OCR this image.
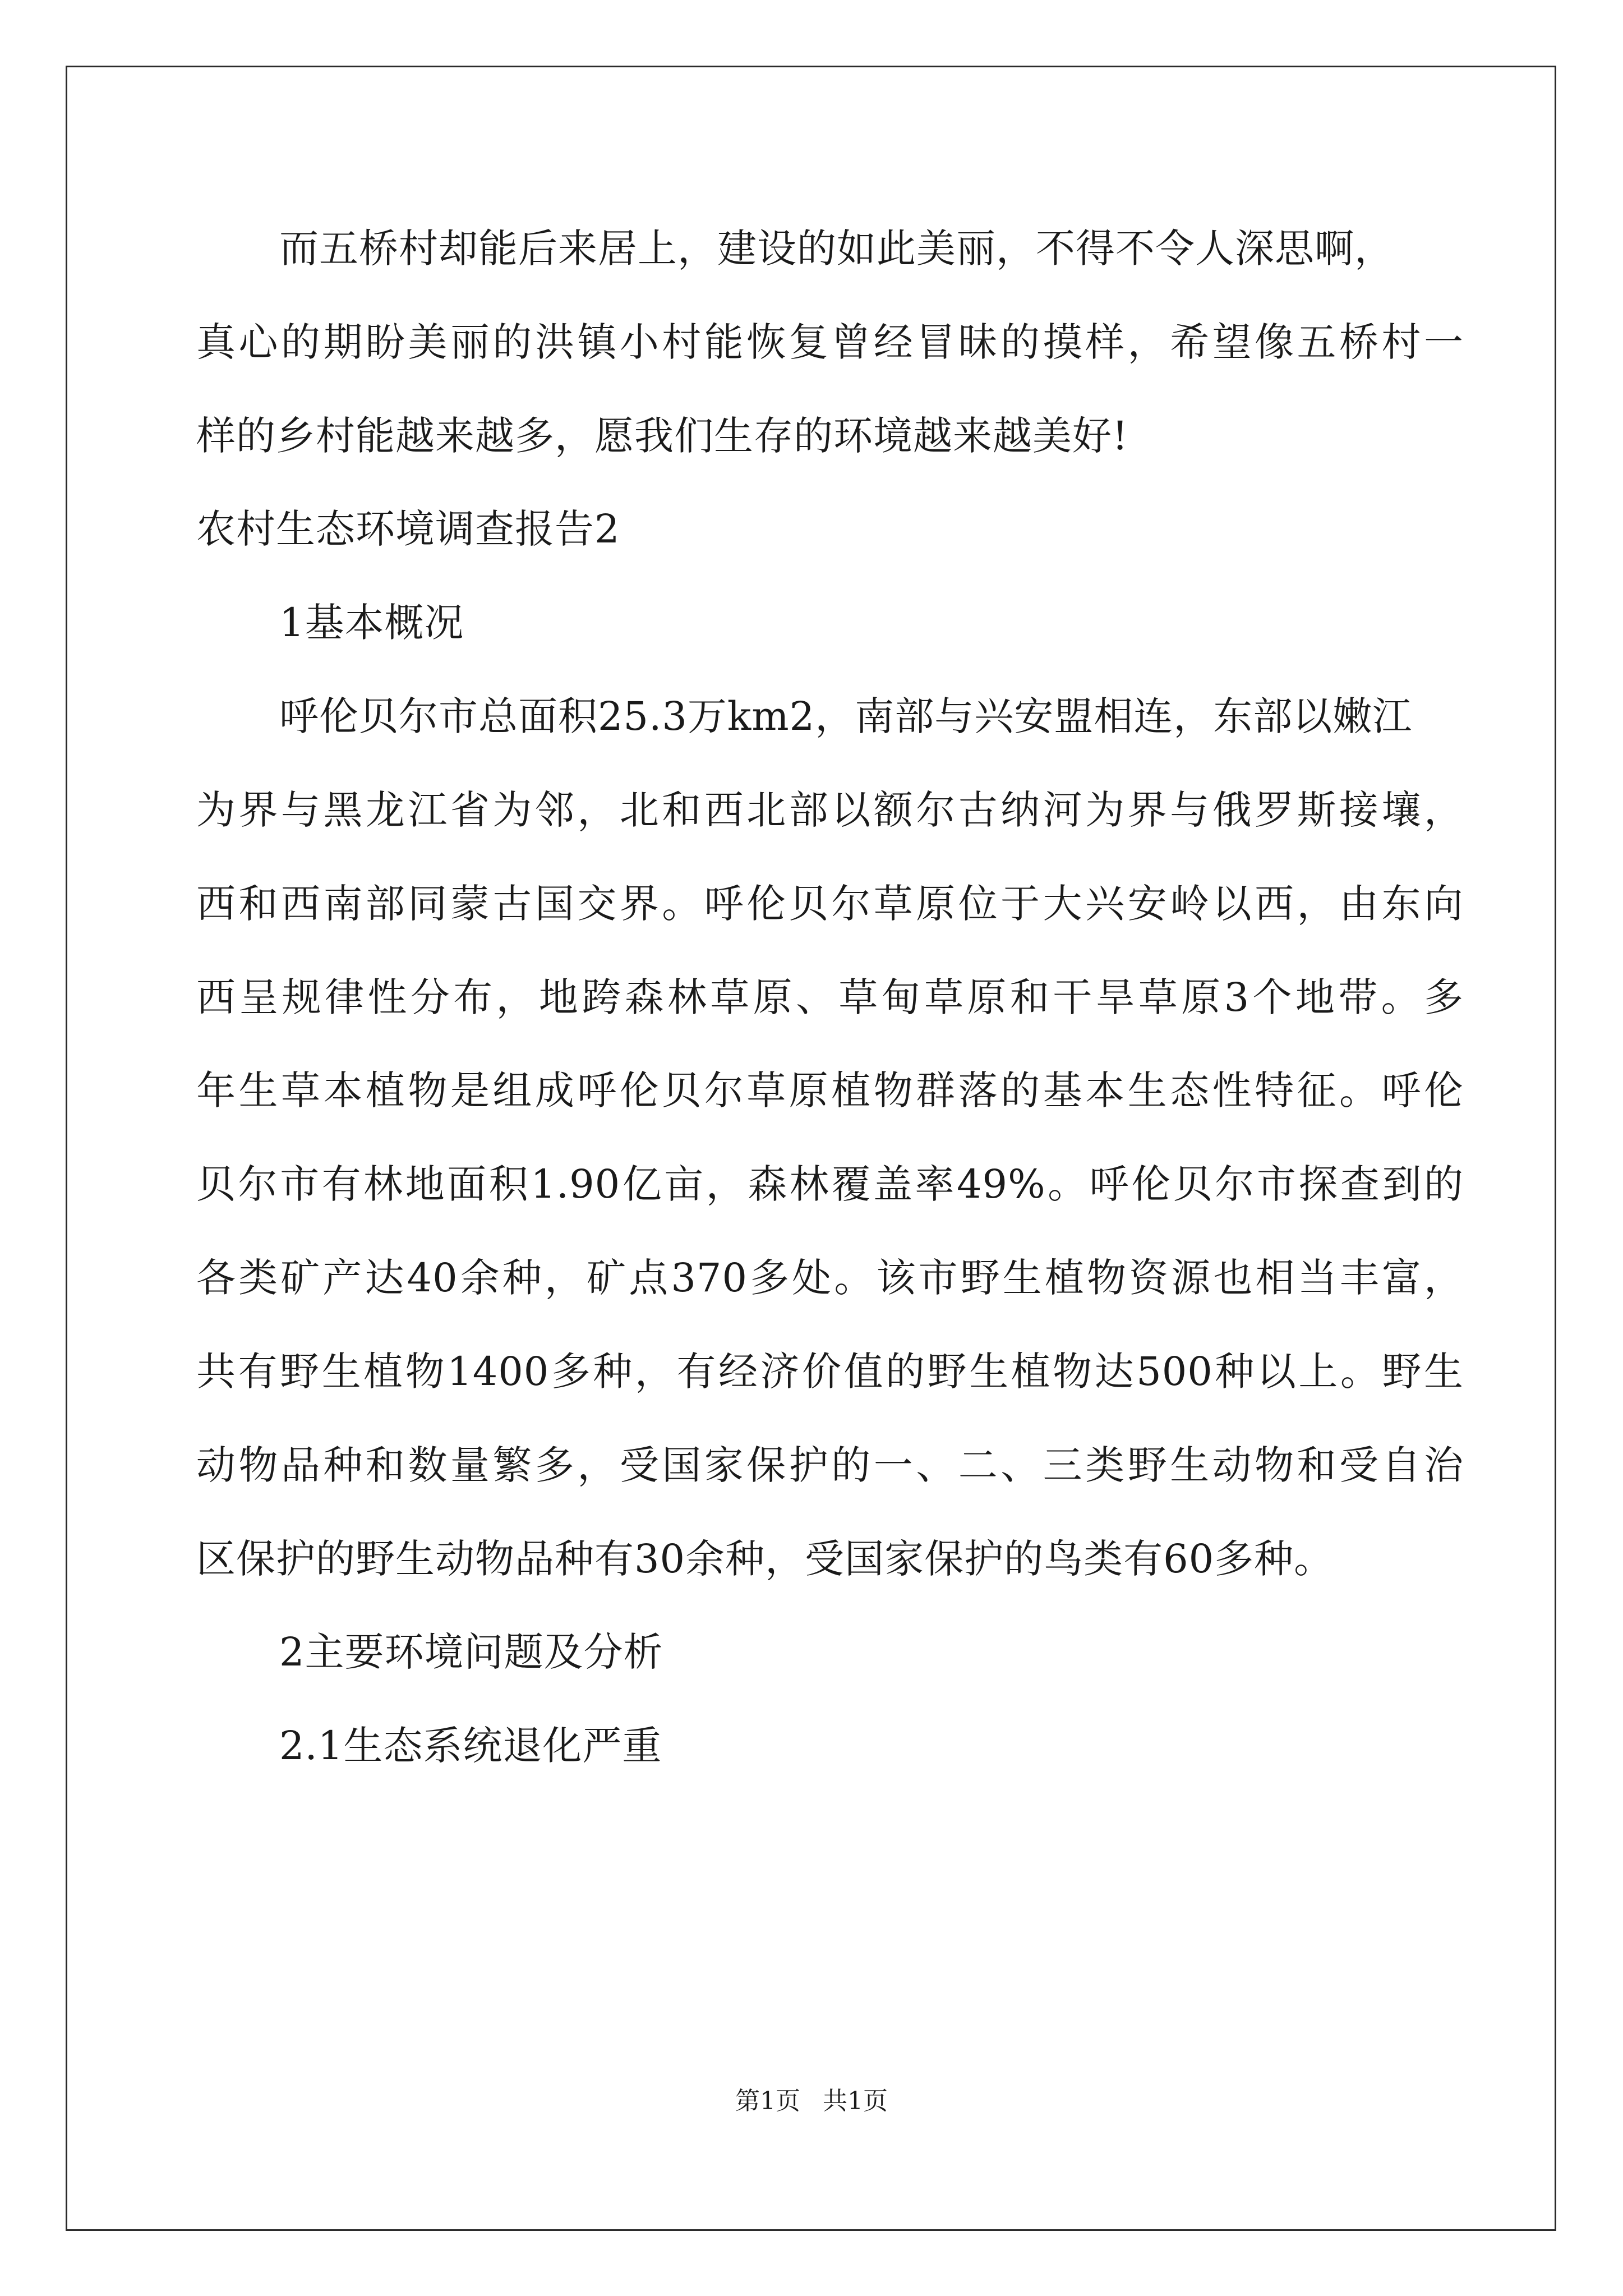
而五桥村却能后来居上，建设的如此美丽，不得不令人深思啊，
真心的期盼美丽的洪镇小村能恢复曾经冒昧的摸样，希望像五桥村一
样的乡村能越来越多，愿我们生存的环境越来越美好!
农村生态环境调查报告2
1基本概况
呼伦贝尔市总面积25.3万km2，南部与兴安盟相连，东部以嫩江
为界与黑龙江省为邻，北和西北部以额尔古纳河为界与俄罗斯接壤，
西和西南部同蒙古国交界。呼伦贝尔草原位于大兴安岭以西，由东向
西呈规律性分布，地跨森林草原、草甸草原和干旱草原3个地带。多
年生草本植物是组成呼伦贝尔草原植物群落的基本生态性特征。呼伦
贝尔市有林地面积1.90亿亩，森林覆盖率49%。呼伦贝尔市探查到的
各类矿产达40余种，矿点370多处。该市野生植物资源也相当丰富，
共有野生植物1400多种，有经济价值的野生植物达500种以上。野生
动物品种和数量繁多，受国家保护的一、二、三类野生动物和受自治
区保护的野生动物品种有30余种，受国家保护的鸟类有60多种。
2主要环境问题及分析
2.1生态系统退化严重
第1页 共1页
